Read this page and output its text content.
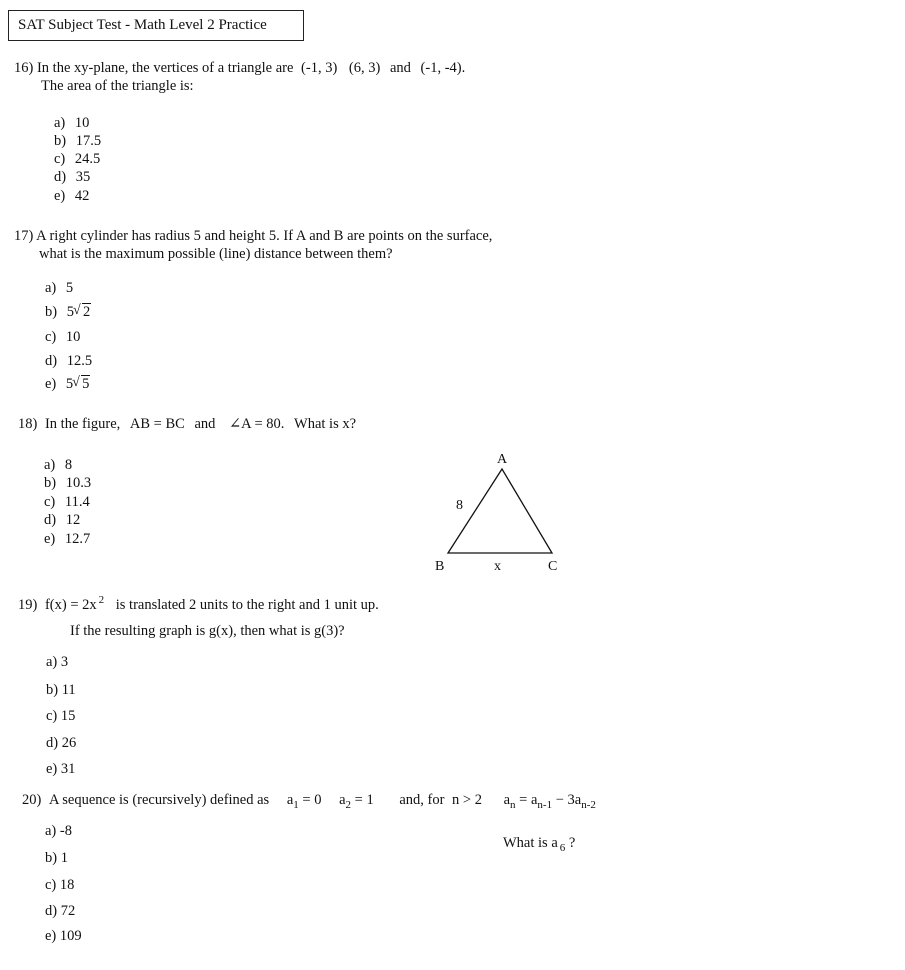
SAT Subject Test - Math Level 2 Practice
16) In the xy-plane, the vertices of a triangle are (-1, 3) (6, 3) and (-1, -4).
The area of the triangle is:
a) 10
b) 17.5
c) 24.5
d) 35
e) 42
17) A right cylinder has radius 5 and height 5. If A and B are points on the surface,
what is the maximum possible (line) distance between them?
a) 5
b) 5 √ 2
c) 10
d) 12.5
e) 5 √ 5
18) In the figure, AB = BC and ∠A = 80. What is x?
a) 8
b) 10.3
c) 11.4
d) 12
e) 12.7
A
B	C
8
x
19) f(x) = 2x $^2$ is translated 2 units to the right and 1 unit up.
If the resulting graph is g(x), then what is g(3)?
a) 3
b) 11
c) 15
d) 26
e) 31
20) A sequence is (recursively) defined as $a_1 = 0$ $a_2 = 1$ and, for n > 2 $a_n = a_{n-1} - 3a_{n-2}$
What is a $_6$ ?
a) -8
b) 1
c) 18
d) 72
e) 109
